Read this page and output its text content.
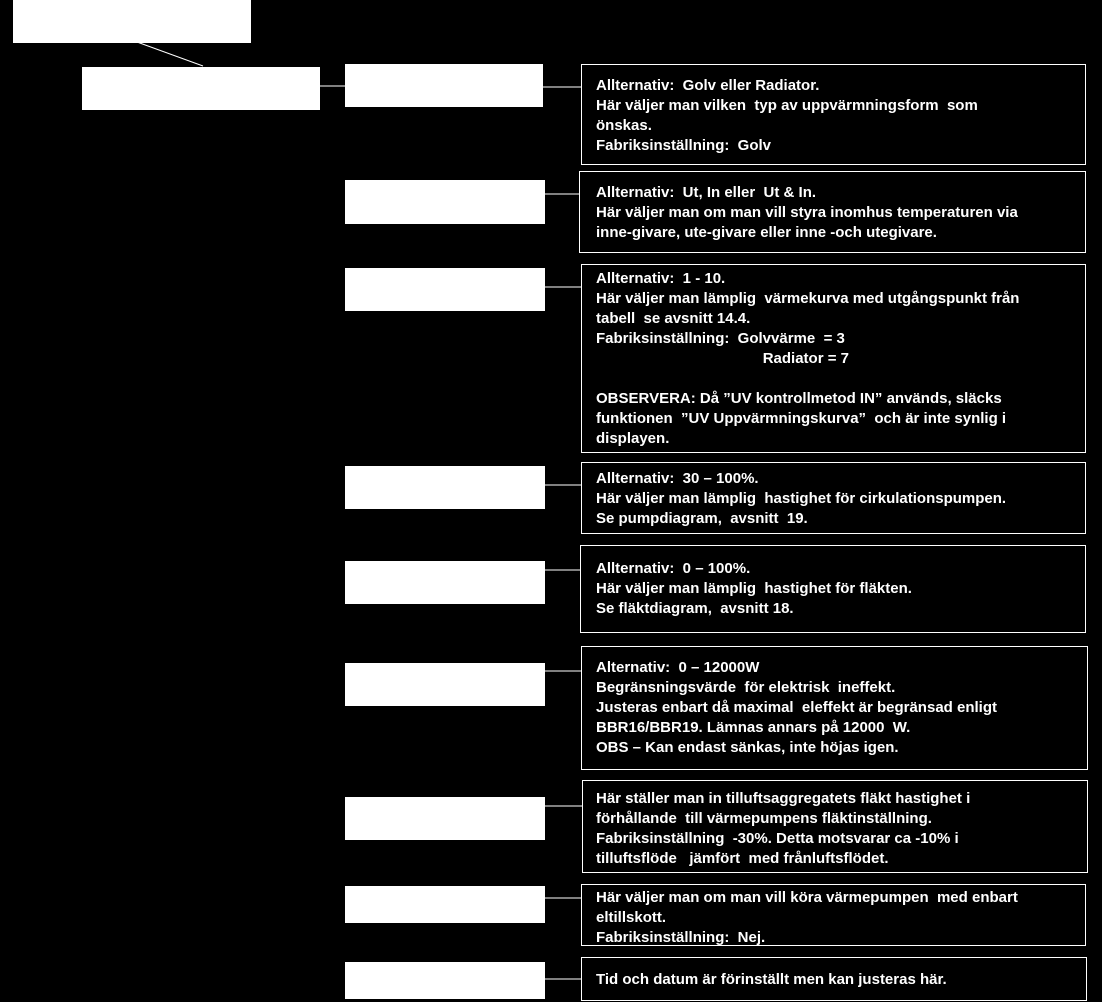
Allternativ:  Golv eller Radiator.
Här väljer man vilken  typ av uppvärmningsform  som
önskas.
Fabriksinställning:  Golv
Allternativ:  Ut, In eller  Ut & In.
Här väljer man om man vill styra inomhus temperaturen via
inne-givare, ute-givare eller inne -och utegivare.
Allternativ:  1 - 10.
Här väljer man lämplig  värmekurva med utgångspunkt från
tabell  se avsnitt 14.4.
Fabriksinställning:  Golvvärme  = 3
Radiator = 7
OBSERVERA: Då ”UV kontrollmetod IN” används, släcks
funktionen  ”UV Uppvärmningskurva”  och är inte synlig i
displayen.
Allternativ:  30 – 100%.
Här väljer man lämplig  hastighet för cirkulationspumpen.
Se pumpdiagram,  avsnitt  19.
Allternativ:  0 – 100%.
Här väljer man lämplig  hastighet för fläkten.
Se fläktdiagram,  avsnitt 18.
Alternativ:  0 – 12000W
Begränsningsvärde  för elektrisk  ineffekt.
Justeras enbart då maximal  eleffekt är begränsad enligt
BBR16/BBR19. Lämnas annars på 12000  W.
OBS – Kan endast sänkas, inte höjas igen.
Här ställer man in tilluftsaggregatets fläkt hastighet i
förhållande  till värmepumpens fläktinställning.
Fabriksinställning  -30%. Detta motsvarar ca -10% i
tilluftsflöde   jämfört  med frånluftsflödet.
Här väljer man om man vill köra värmepumpen  med enbart
eltillskott.
Fabriksinställning:  Nej.
Tid och datum är förinställt men kan justeras här.
